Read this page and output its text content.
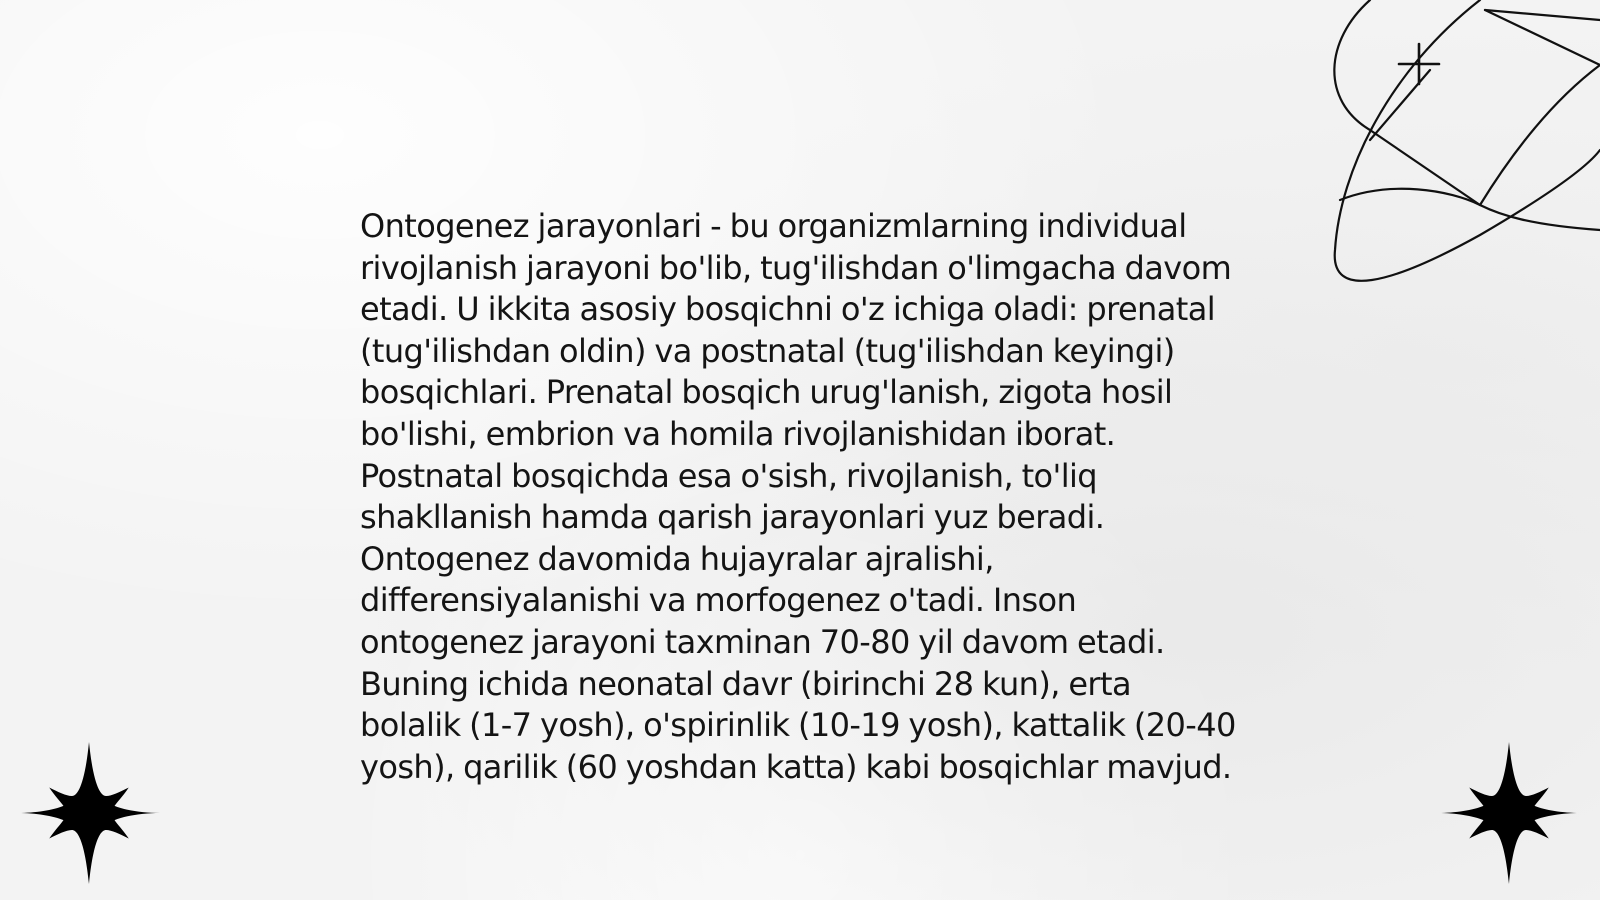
Ontogenez jarayonlari - bu organizmlarning individual rivojlanish jarayoni bo'lib, tug'ilishdan o'limgacha davom etadi. U ikkita asosiy bosqichni o'z ichiga oladi: prenatal (tug'ilishdan oldin) va postnatal (tug'ilishdan keyingi) bosqichlari. Prenatal bosqich urug'lanish, zigota hosil bo'lishi, embrion va homila rivojlanishidan iborat. Postnatal bosqichda esa o'sish, rivojlanish, to'liq shakllanish hamda qarish jarayonlari yuz beradi. Ontogenez davomida hujayralar ajralishi, differensiyalanishi va morfogenez o'tadi. Inson ontogenez jarayoni taxminan 70-80 yil davom etadi. Buning ichida neonatal davr (birinchi 28 kun), erta bolalik (1-7 yosh), o'spirinlik (10-19 yosh), kattalik (20-40 yosh), qarilik (60 yoshdan katta) kabi bosqichlar mavjud.
